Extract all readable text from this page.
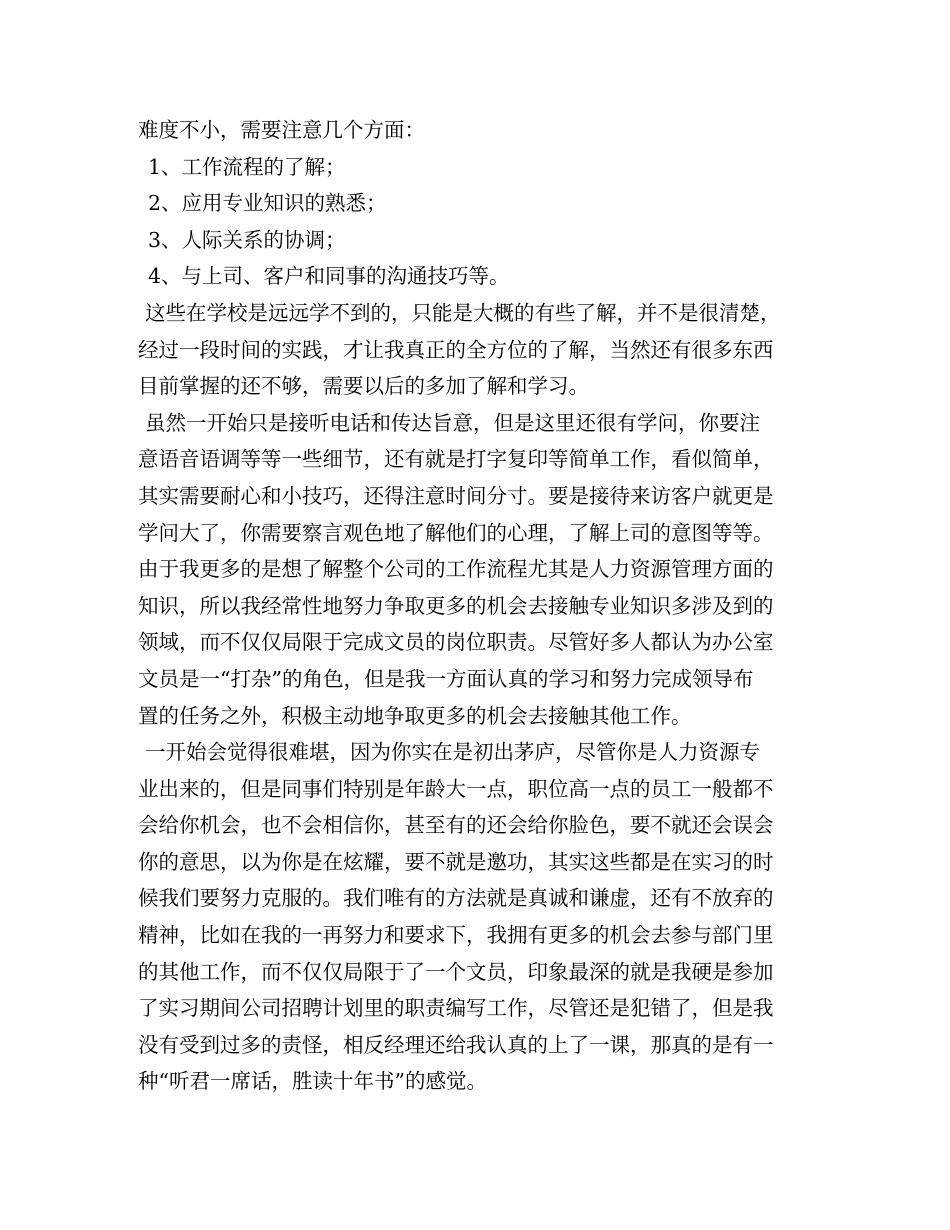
难度不小，需要注意几个方面：
1、工作流程的了解；
2、应用专业知识的熟悉；
3、人际关系的协调；
4、与上司、客户和同事的沟通技巧等。
这些在学校是远远学不到的，只能是大概的有些了解，并不是很清楚，
经过一段时间的实践，才让我真正的全方位的了解，当然还有很多东西
目前掌握的还不够，需要以后的多加了解和学习。
虽然一开始只是接听电话和传达旨意，但是这里还很有学问，你要注
意语音语调等等一些细节，还有就是打字复印等简单工作，看似简单，
其实需要耐心和小技巧，还得注意时间分寸。要是接待来访客户就更是
学问大了，你需要察言观色地了解他们的心理，了解上司的意图等等。
由于我更多的是想了解整个公司的工作流程尤其是人力资源管理方面的
知识，所以我经常性地努力争取更多的机会去接触专业知识多涉及到的
领域，而不仅仅局限于完成文员的岗位职责。尽管好多人都认为办公室
文员是一“打杂”的角色，但是我一方面认真的学习和努力完成领导布
置的任务之外，积极主动地争取更多的机会去接触其他工作。
一开始会觉得很难堪，因为你实在是初出茅庐，尽管你是人力资源专
业出来的，但是同事们特别是年龄大一点，职位高一点的员工一般都不
会给你机会，也不会相信你，甚至有的还会给你脸色，要不就还会误会
你的意思，以为你是在炫耀，要不就是邀功，其实这些都是在实习的时
候我们要努力克服的。我们唯有的方法就是真诚和谦虚，还有不放弃的
精神，比如在我的一再努力和要求下，我拥有更多的机会去参与部门里
的其他工作，而不仅仅局限于了一个文员，印象最深的就是我硬是参加
了实习期间公司招聘计划里的职责编写工作，尽管还是犯错了，但是我
没有受到过多的责怪，相反经理还给我认真的上了一课，那真的是有一
种“听君一席话，胜读十年书”的感觉。
